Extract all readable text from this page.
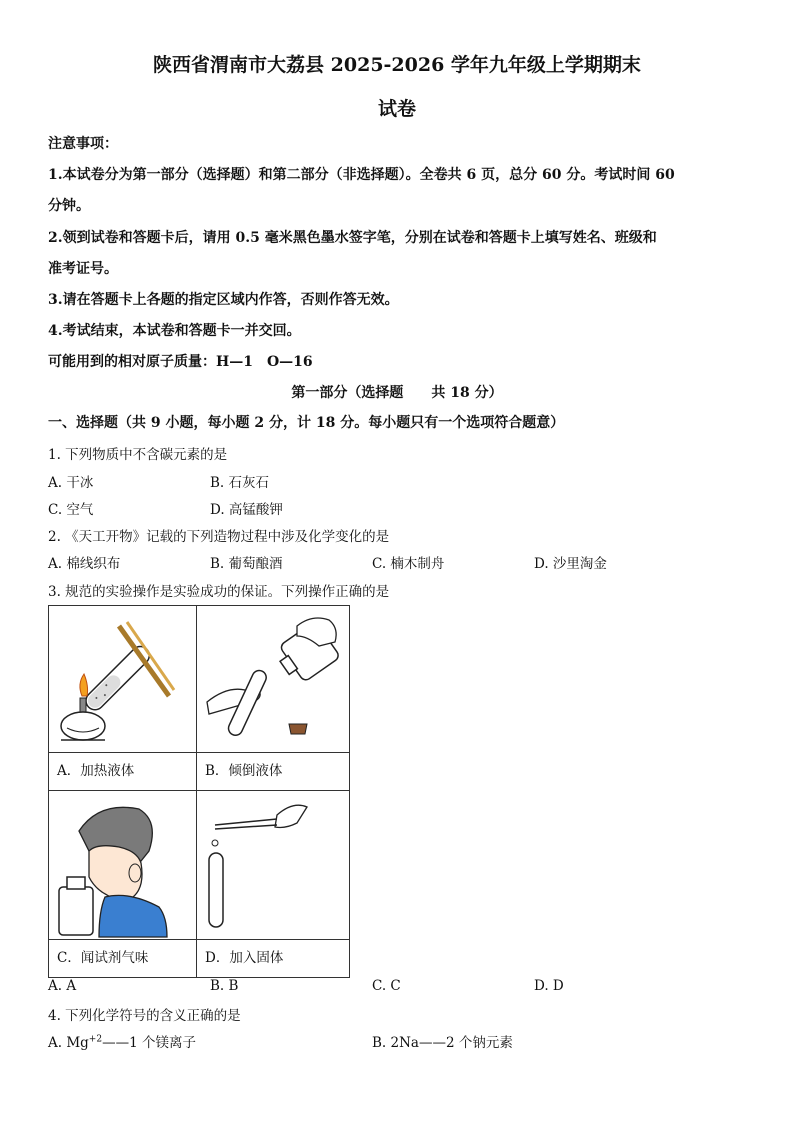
陕西省渭南市大荔县 2025-2026 学年九年级上学期期末
试卷
注意事项：
1.本试卷分为第一部分（选择题）和第二部分（非选择题）。全卷共 6 页，总分 60 分。考试时间 60
分钟。
2.领到试卷和答题卡后，请用 0.5 毫米黑色墨水签字笔，分别在试卷和答题卡上填写姓名、班级和
准考证号。
3.请在答题卡上各题的指定区域内作答，否则作答无效。
4.考试结束，本试卷和答题卡一并交回。
可能用到的相对原子质量：H—1　O—16
第一部分（选择题　　共 18 分）
一、选择题（共 9 小题，每小题 2 分，计 18 分。每小题只有一个选项符合题意）
1. 下列物质中不含碳元素的是
A. 干冰	B. 石灰石
C. 空气	D. 高锰酸钾
2. 《天工开物》记载的下列造物过程中涉及化学变化的是
A. 棉线织布	B. 葡萄酿酒	C. 楠木制舟	D. 沙里淘金
3. 规范的实验操作是实验成功的保证。下列操作正确的是
A．加热液体	B．倾倒液体

C．闻试剂气味	D．加入固体
A. A	B. B	C. C	D. D
4. 下列化学符号的含义正确的是
A. $Mg^{+2}——1$ 个镁离子	B. 2Na——2 个钠元素
